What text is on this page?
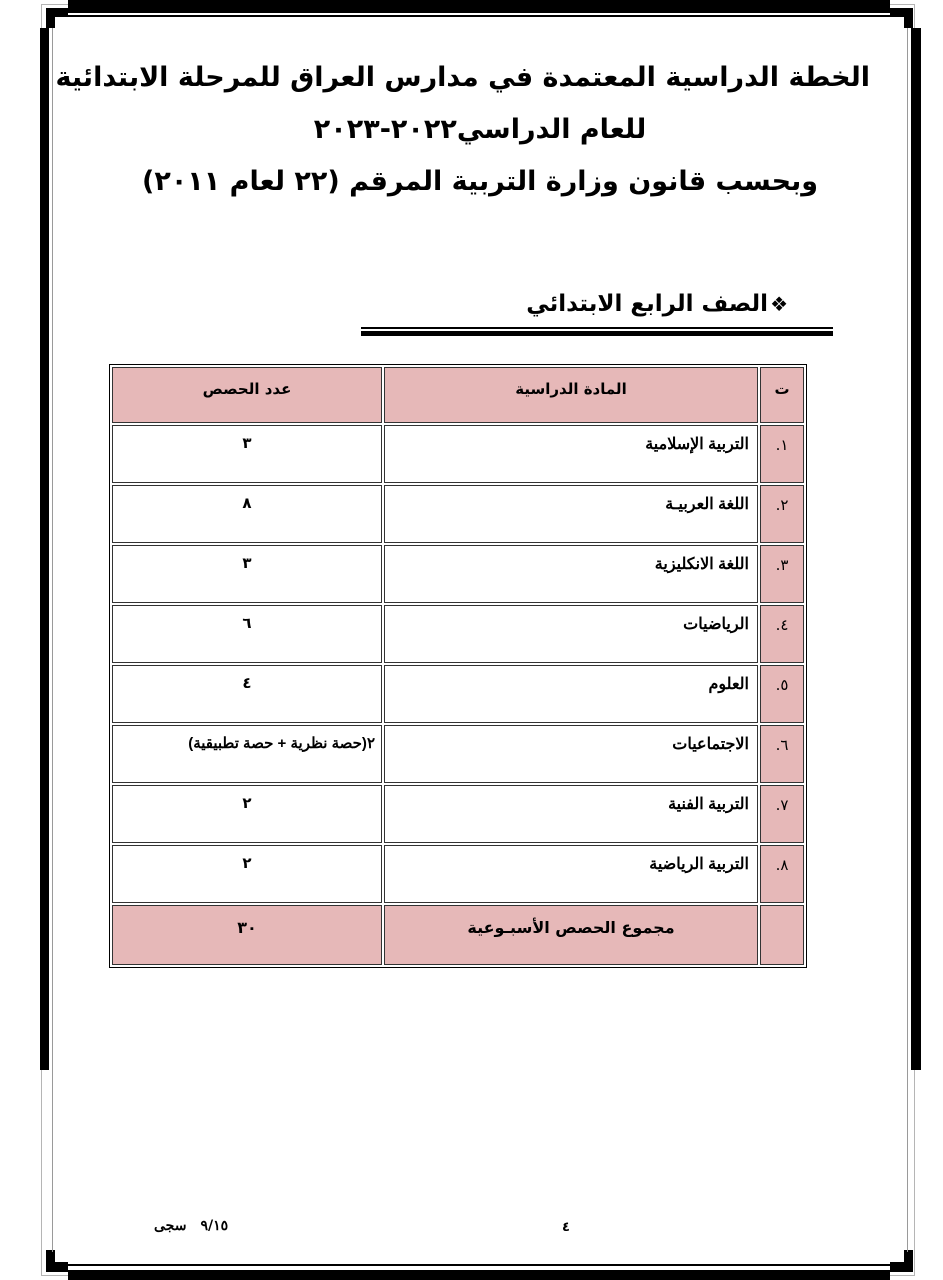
الخطة الدراسية المعتمدة في مدارس العراق للمرحلة الابتدائية
للعام الدراسي٢٠٢٢-٢٠٢٣
وبحسب قانون وزارة التربية المرقم (٢٢ لعام ٢٠١١)
❖الصف الرابع الابتدائي
ت	المادة الدراسية	عدد الحصص
١.	التربية الإسلامية	٣
٢.	اللغة العربيـة	٨
٣.	اللغة الانكليزية	٣
٤.	الرياضيات	٦
٥.	العلوم	٤
٦.	الاجتماعيات	٢(حصة نظرية + حصة تطبيقية)
٧.	التربية الفنية	٢
٨.	التربية الرياضية	٢
	مجموع الحصص الأسبـوعية	٣٠
٤
٩/١٥سجى
